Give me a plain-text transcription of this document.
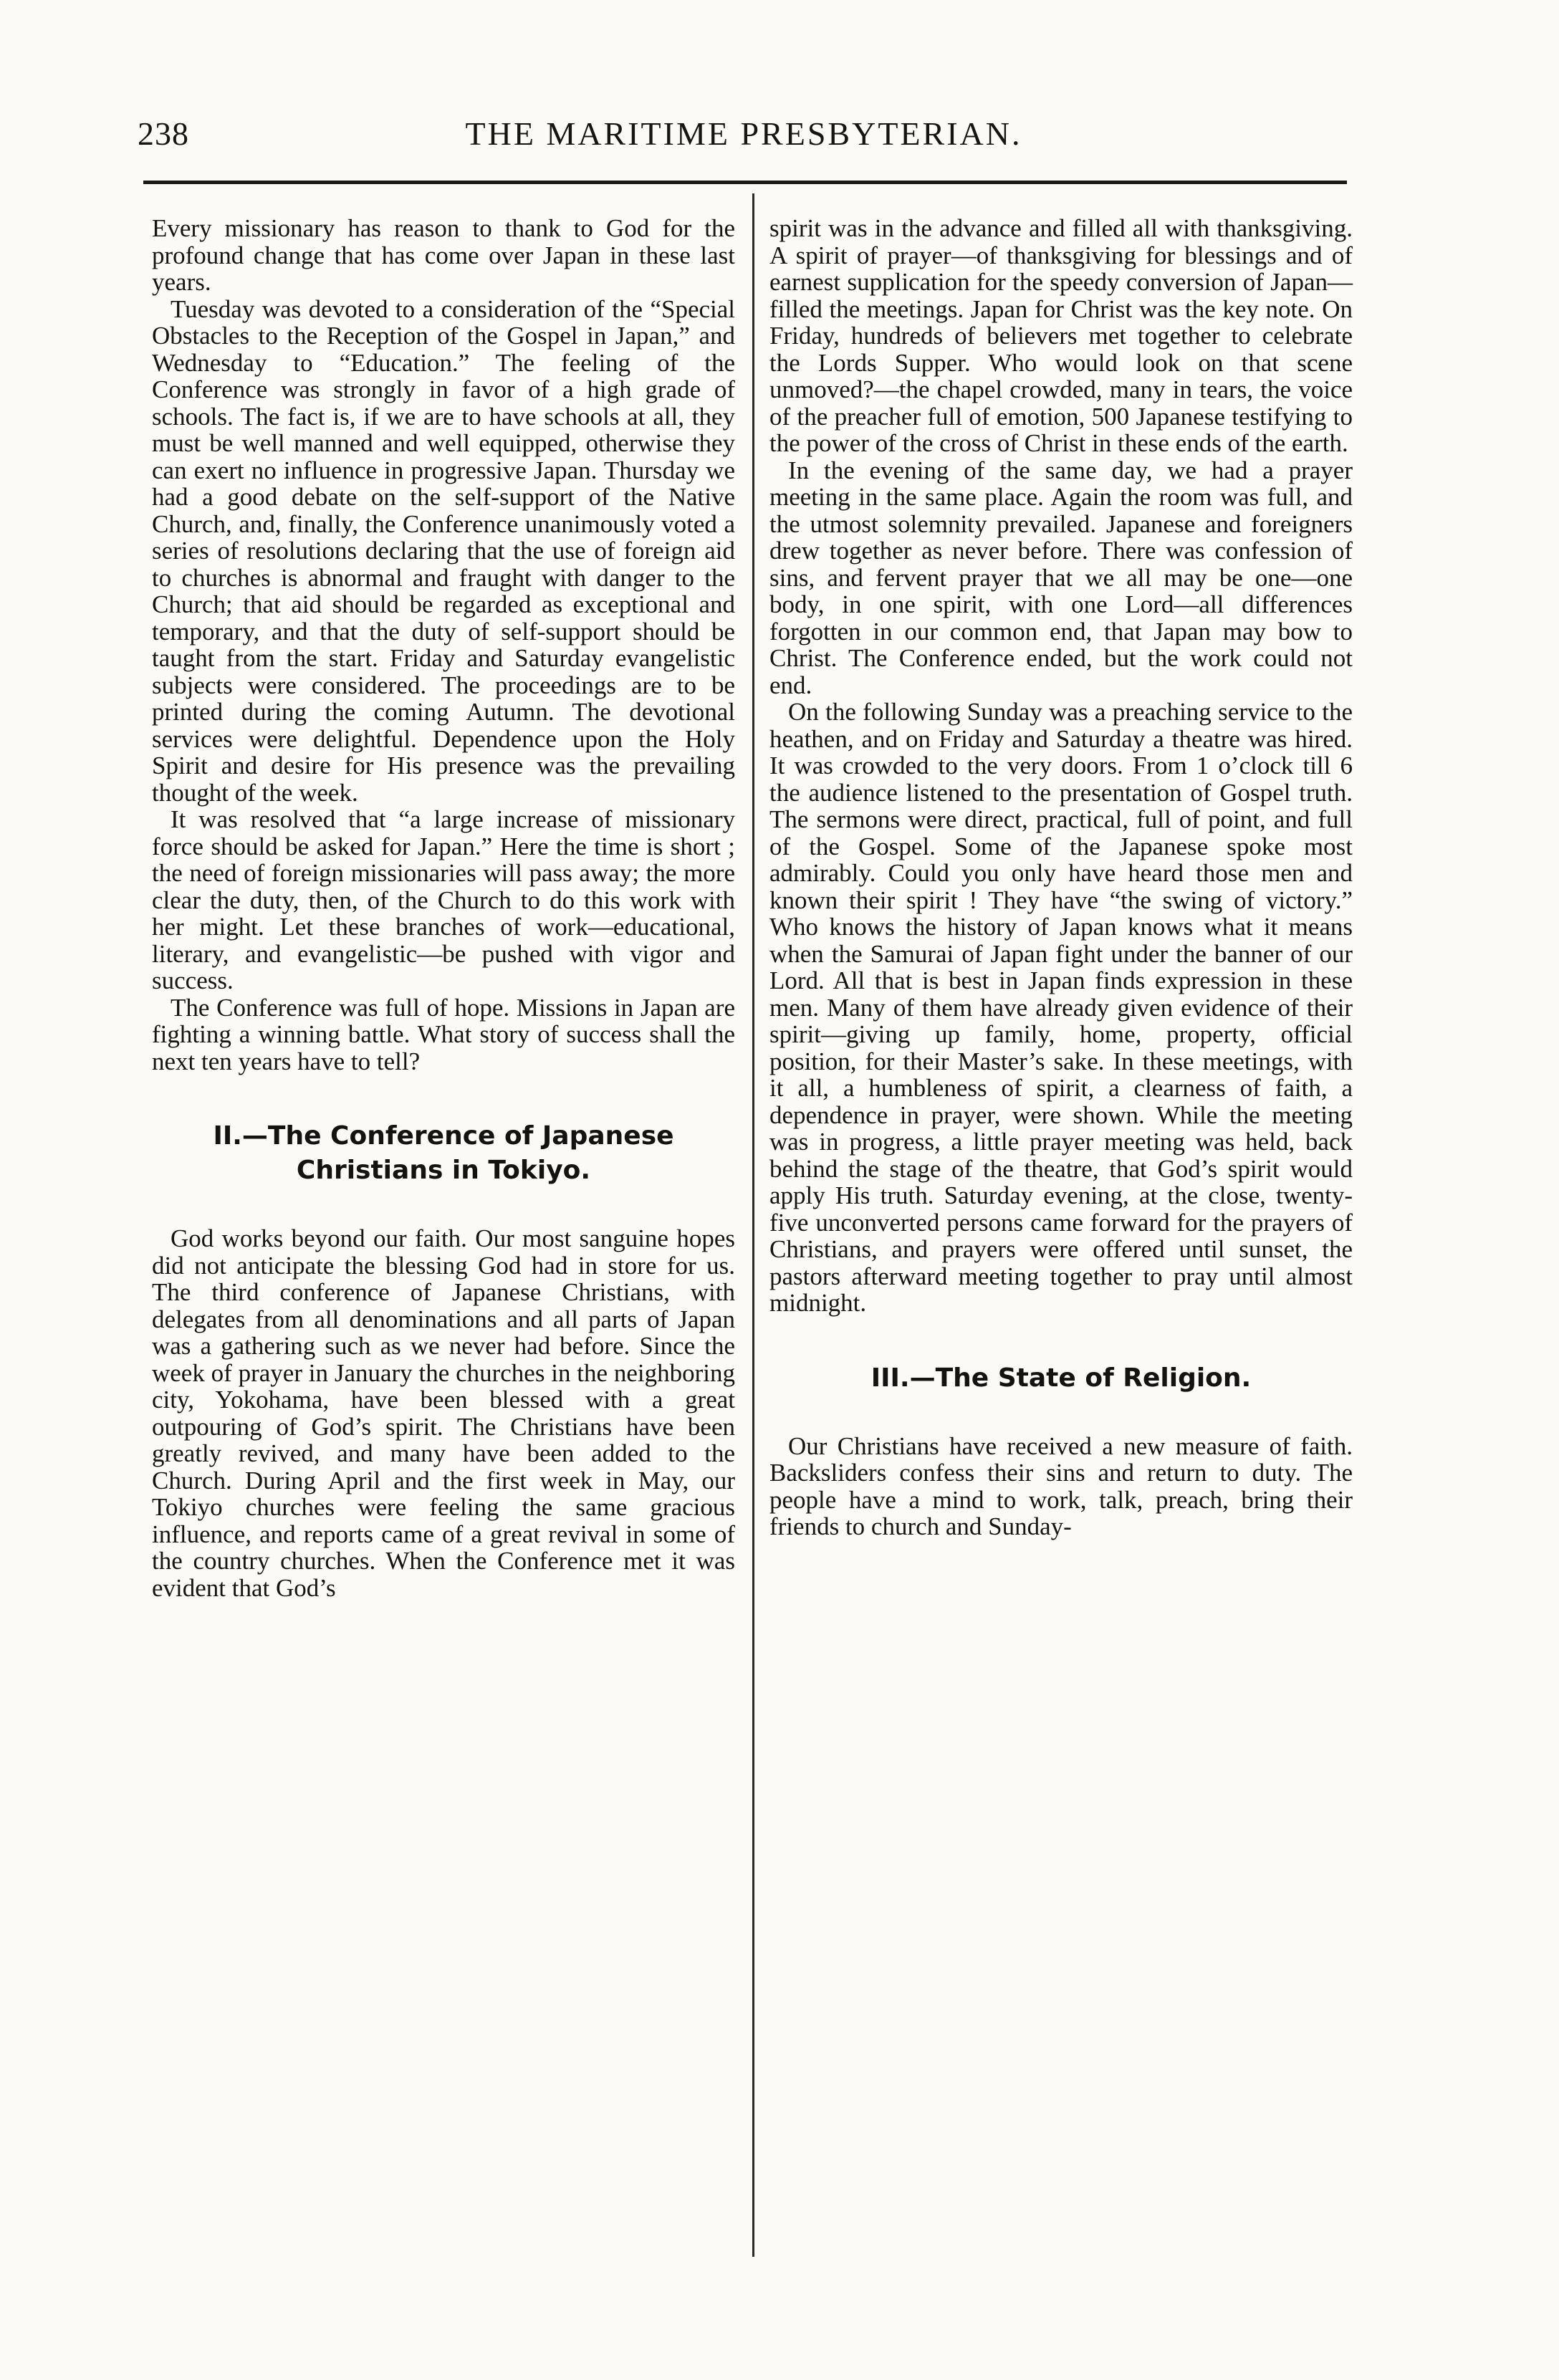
238	THE MARITIME PRESBYTERIAN.

Every missionary has reason to thank to God for the profound change that has come over Japan in these last years.

Tuesday was devoted to a consideration of the “Special Obstacles to the Reception of the Gospel in Japan,” and Wednesday to “Education.” The feeling of the Conference was strongly in favor of a high grade of schools. The fact is, if we are to have schools at all, they must be well manned and well equipped, otherwise they can exert no influence in progressive Japan. Thursday we had a good debate on the self-support of the Native Church, and, finally, the Conference unanimously voted a series of resolutions declaring that the use of foreign aid to churches is abnormal and fraught with danger to the Church; that aid should be regarded as exceptional and temporary, and that the duty of self-support should be taught from the start. Friday and Saturday evangelistic subjects were considered. The proceedings are to be printed during the coming Autumn. The devotional services were delightful. Dependence upon the Holy Spirit and desire for His presence was the prevailing thought of the week.

It was resolved that “a large increase of missionary force should be asked for Japan.” Here the time is short ; the need of foreign missionaries will pass away; the more clear the duty, then, of the Church to do this work with her might. Let these branches of work—educational, literary, and evangelistic—be pushed with vigor and success.

The Conference was full of hope. Missions in Japan are fighting a winning battle. What story of success shall the next ten years have to tell?

II.—The Conference of Japanese Christians in Tokiyo.

God works beyond our faith. Our most sanguine hopes did not anticipate the blessing God had in store for us. The third conference of Japanese Christians, with delegates from all denominations and all parts of Japan was a gathering such as we never had before. Since the week of prayer in January the churches in the neighboring city, Yokohama, have been blessed with a great outpouring of God’s spirit. The Christians have been greatly revived, and many have been added to the Church. During April and the first week in May, our Tokiyo churches were feeling the same gracious influence, and reports came of a great revival in some of the country churches. When the Conference met it was evident that God’s

spirit was in the advance and filled all with thanksgiving. A spirit of prayer—of thanksgiving for blessings and of earnest supplication for the speedy conversion of Japan—filled the meetings. Japan for Christ was the key note. On Friday, hundreds of believers met together to celebrate the Lords Supper. Who would look on that scene unmoved?—the chapel crowded, many in tears, the voice of the preacher full of emotion, 500 Japanese testifying to the power of the cross of Christ in these ends of the earth.

In the evening of the same day, we had a prayer meeting in the same place. Again the room was full, and the utmost solemnity prevailed. Japanese and foreigners drew together as never before. There was confession of sins, and fervent prayer that we all may be one—one body, in one spirit, with one Lord—all differences forgotten in our common end, that Japan may bow to Christ. The Conference ended, but the work could not end.

On the following Sunday was a preaching service to the heathen, and on Friday and Saturday a theatre was hired. It was crowded to the very doors. From 1 o’clock till 6 the audience listened to the presentation of Gospel truth. The sermons were direct, practical, full of point, and full of the Gospel. Some of the Japanese spoke most admirably. Could you only have heard those men and known their spirit ! They have “the swing of victory.” Who knows the history of Japan knows what it means when the Samurai of Japan fight under the banner of our Lord. All that is best in Japan finds expression in these men. Many of them have already given evidence of their spirit—giving up family, home, property, official position, for their Master’s sake. In these meetings, with it all, a humbleness of spirit, a clearness of faith, a dependence in prayer, were shown. While the meeting was in progress, a little prayer meeting was held, back behind the stage of the theatre, that God’s spirit would apply His truth. Saturday evening, at the close, twenty-five unconverted persons came forward for the prayers of Christians, and prayers were offered until sunset, the pastors afterward meeting together to pray until almost midnight.

III.—The State of Religion.

Our Christians have received a new measure of faith. Backsliders confess their sins and return to duty. The people have a mind to work, talk, preach, bring their friends to church and Sunday-
